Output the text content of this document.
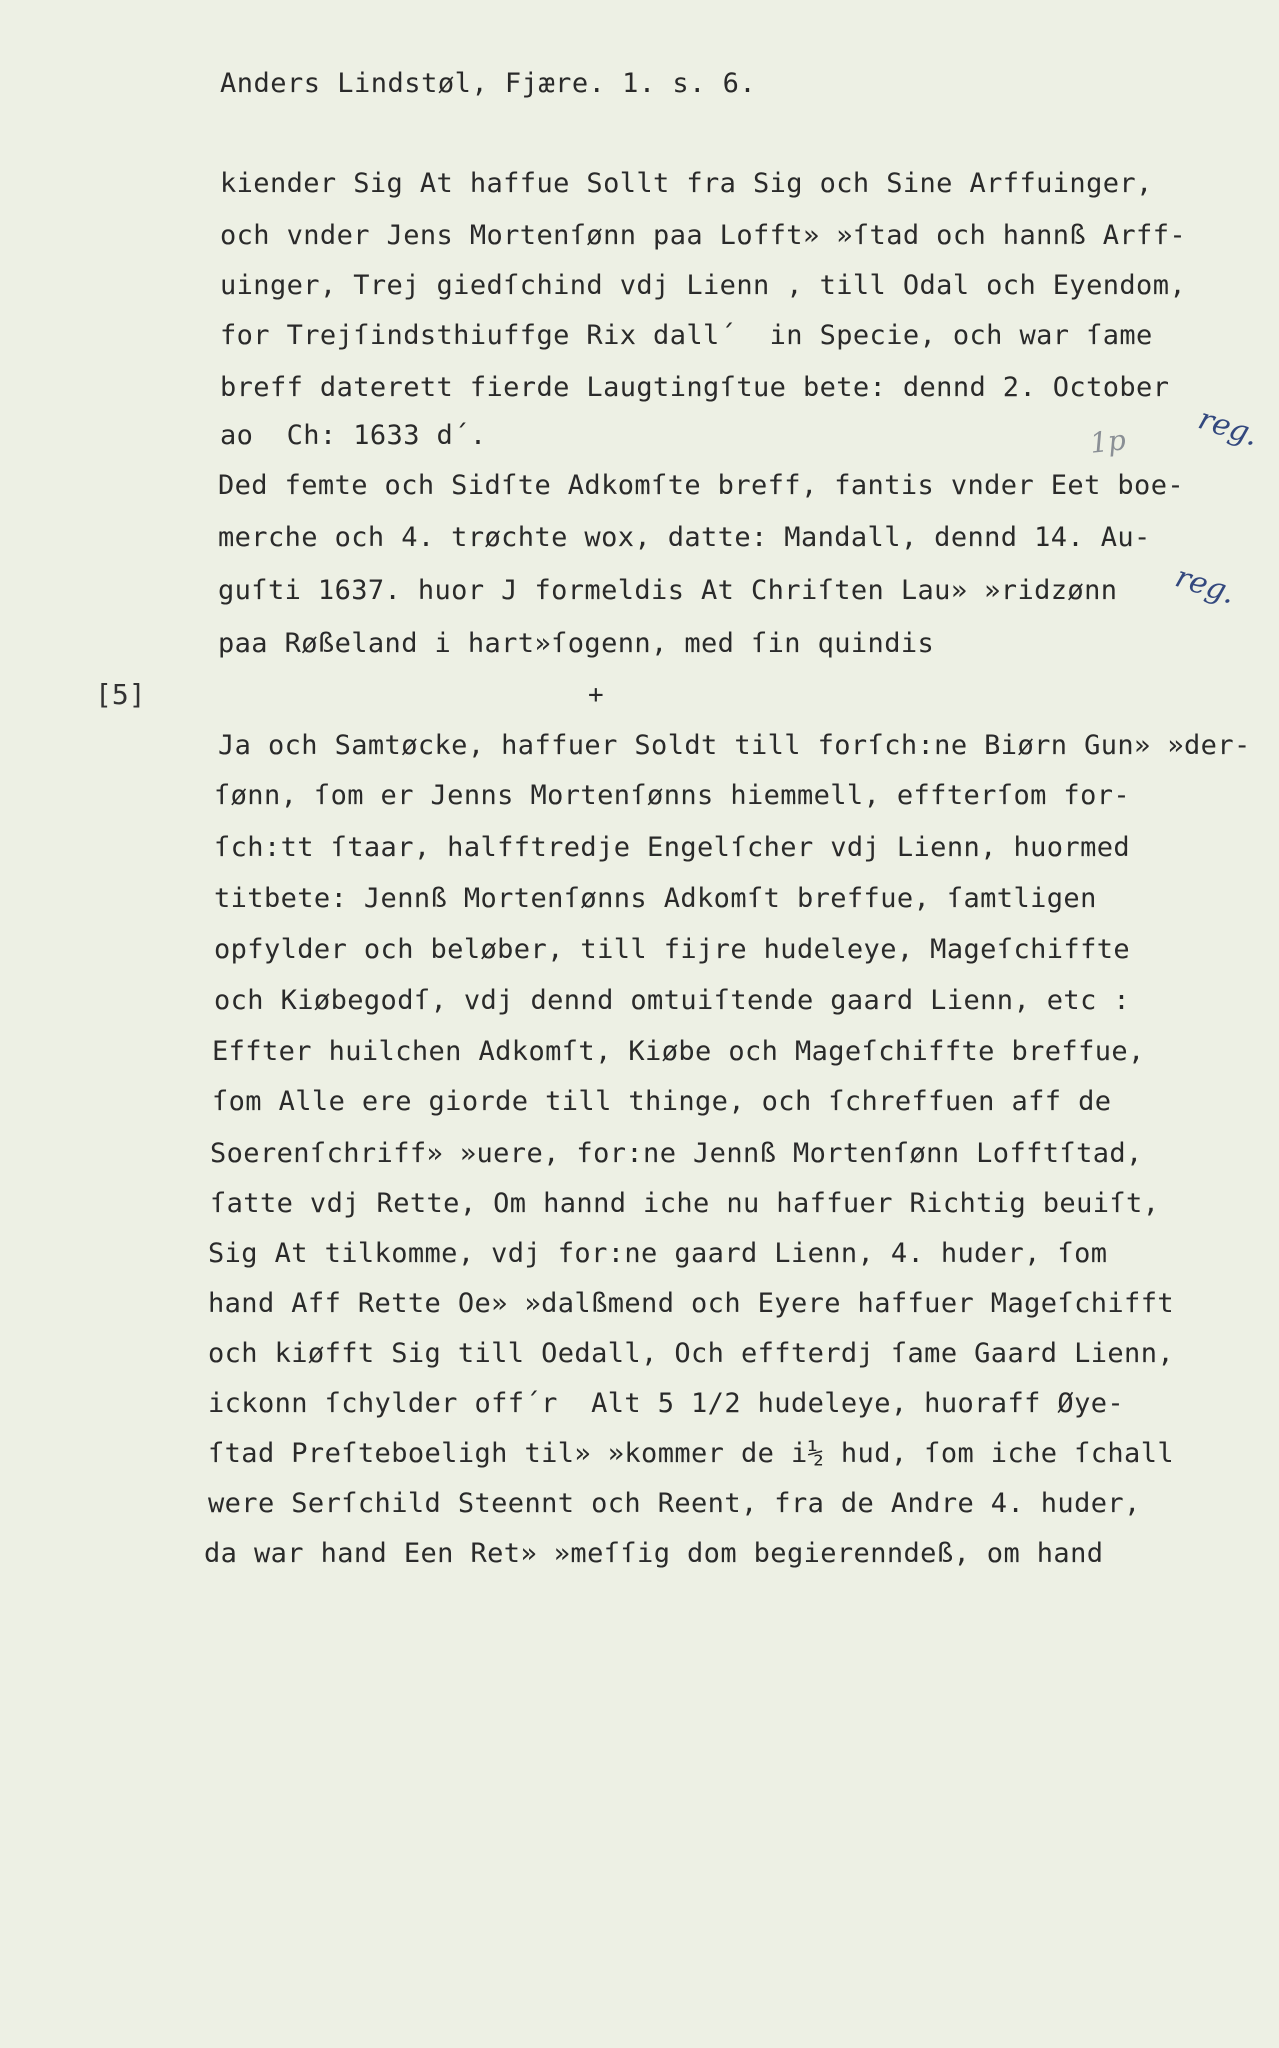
Anders Lindstøl, Fjære. 1. s. 6.
kiender Sig At haffue Sollt fra Sig och Sine Arffuinger,
och vnder Jens Mortenſønn paa Lofft» »ſtad och hannß Arff-
uinger, Trej giedſchind vdj Lienn , till Odal och Eyendom,
for Trejſindsthiuffge Rix dall´  in Specie, och war ſame
breff daterett fierde Laugtingſtue bete: dennd 2. October
ao  Ch: 1633 d´.
Ded femte och Sidſte Adkomſte breff, fantis vnder Eet boe-
merche och 4. trøchte wox, datte: Mandall, dennd 14. Au-
guſti 1637. huor J formeldis At Chriſten Lau» »ridzønn
paa Røßeland i hart»ſogenn, med ſin quindis
[5]	+
Ja och Samtøcke, haffuer Soldt till forſch:ne Biørn Gun» »der-
ſønn, ſom er Jenns Mortenſønns hiemmell, effterſom for-
ſch:tt ſtaar, halfftredje Engelſcher vdj Lienn, huormed
titbete: Jennß Mortenſønns Adkomſt breffue, ſamtligen
opfylder och beløber, till fijre hudeleye, Mageſchiffte
och Kiøbegodſ, vdj dennd omtuiſtende gaard Lienn, etc :
Effter huilchen Adkomſt, Kiøbe och Mageſchiffte breffue,
ſom Alle ere giorde till thinge, och ſchreffuen aff de
Soerenſchriff» »uere, for:ne Jennß Mortenſønn Lofftſtad,
ſatte vdj Rette, Om hannd iche nu haffuer Richtig beuiſt,
Sig At tilkomme, vdj for:ne gaard Lienn, 4. huder, ſom
hand Aff Rette Oe» »dalßmend och Eyere haffuer Mageſchifft
och kiøfft Sig till Oedall, Och effterdj ſame Gaard Lienn,
ickonn ſchylder off´r  Alt 5 1/2 hudeleye, huoraff Øye-
ſtad Preſteboeligh til» »kommer de i½ hud, ſom iche ſchall
were Serſchild Steennt och Reent, fra de Andre 4. huder,
da war hand Een Ret» »meſſig dom begierenndeß, om hand
reg.
reg.
1p
